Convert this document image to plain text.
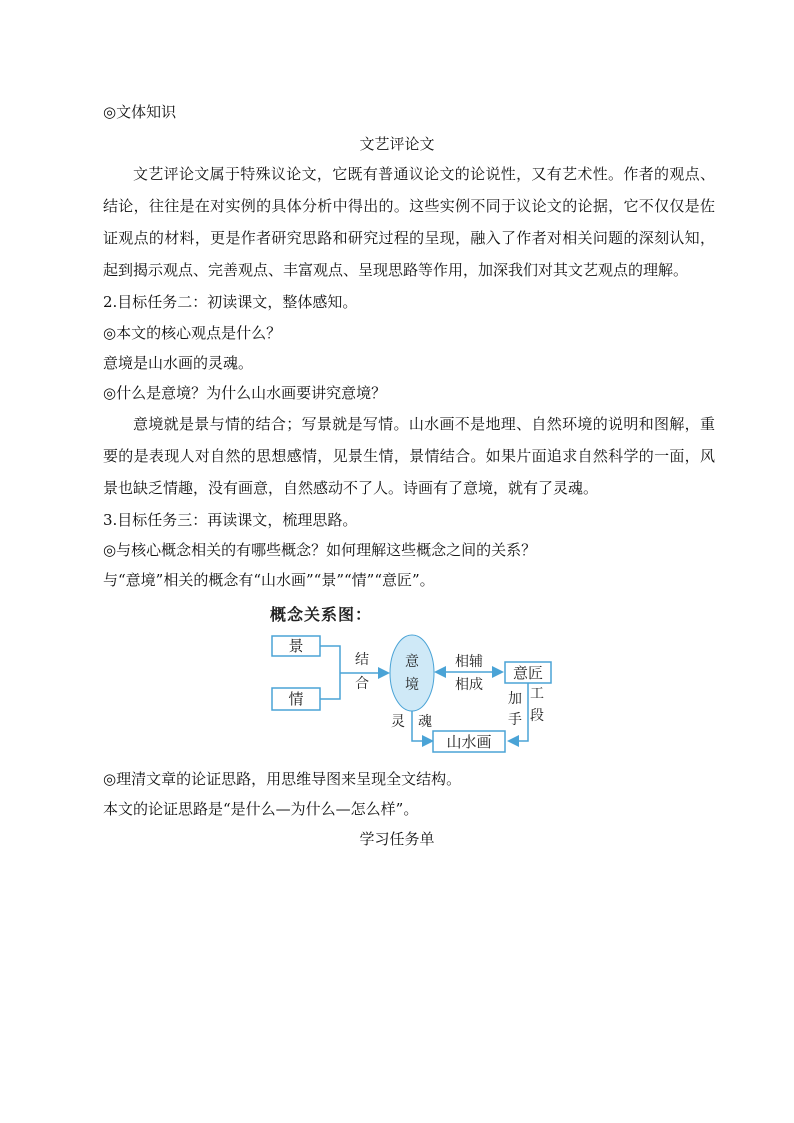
◎文体知识
文艺评论文
文艺评论文属于特殊议论文，它既有普通议论文的论说性，又有艺术性。作者的观点、结论，往往是在对实例的具体分析中得出的。这些实例不同于议论文的论据，它不仅仅是佐证观点的材料，更是作者研究思路和研究过程的呈现，融入了作者对相关问题的深刻认知，起到揭示观点、完善观点、丰富观点、呈现思路等作用，加深我们对其文艺观点的理解。
2.目标任务二：初读课文，整体感知。
◎本文的核心观点是什么？
意境是山水画的灵魂。
◎什么是意境？为什么山水画要讲究意境？
意境就是景与情的结合；写景就是写情。山水画不是地理、自然环境的说明和图解，重要的是表现人对自然的思想感情，见景生情，景情结合。如果片面追求自然科学的一面，风景也缺乏情趣，没有画意，自然感动不了人。诗画有了意境，就有了灵魂。
3.目标任务三：再读课文，梳理思路。
◎与核心概念相关的有哪些概念？如何理解这些概念之间的关系？
与“意境”相关的概念有“山水画”“景”“情”“意匠”。
概念关系图：
景
情
结
合
意
境
相辅
相成
意匠
加 工
手 段
灵 魂
山水画
◎理清文章的论证思路，用思维导图来呈现全文结构。
本文的论证思路是“是什么—为什么—怎么样”。
学习任务单
